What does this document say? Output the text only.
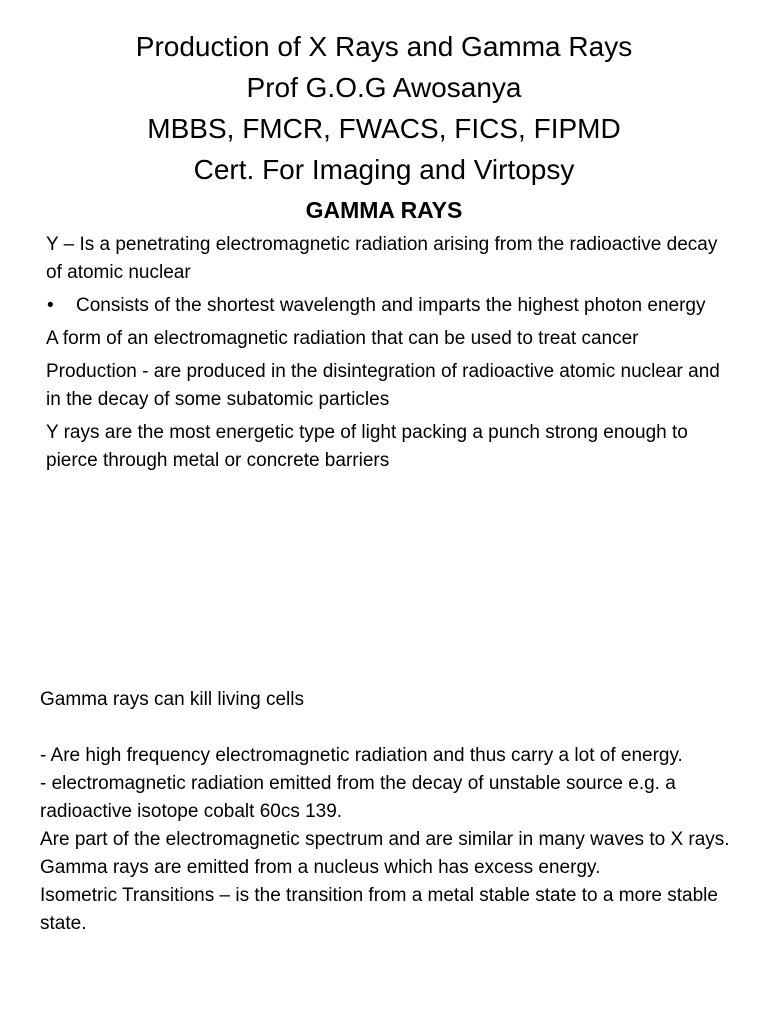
Production of X Rays and Gamma Rays
Prof G.O.G Awosanya
MBBS, FMCR, FWACS, FICS, FIPMD
Cert. For Imaging and Virtopsy
GAMMA RAYS

Y – Is a penetrating electromagnetic radiation arising from the radioactive decay of atomic nuclear

•	Consists of the shortest wavelength and imparts the highest photon energy

A form of an electromagnetic radiation that can be used to treat cancer

Production - are produced in the disintegration of radioactive atomic nuclear and in the decay of some subatomic particles

Y rays are the most energetic type of light packing a punch strong enough to pierce through metal or concrete barriers

Gamma rays can kill living cells

- Are high frequency electromagnetic radiation and thus carry a lot of energy.

- electromagnetic radiation emitted from the decay of unstable source e.g. a radioactive isotope cobalt 60cs 139.

Are part of the electromagnetic spectrum and are similar in many waves to X rays.

Gamma rays are emitted from a nucleus which has excess energy.

Isometric Transitions – is the transition from a metal stable state to a more stable state.
